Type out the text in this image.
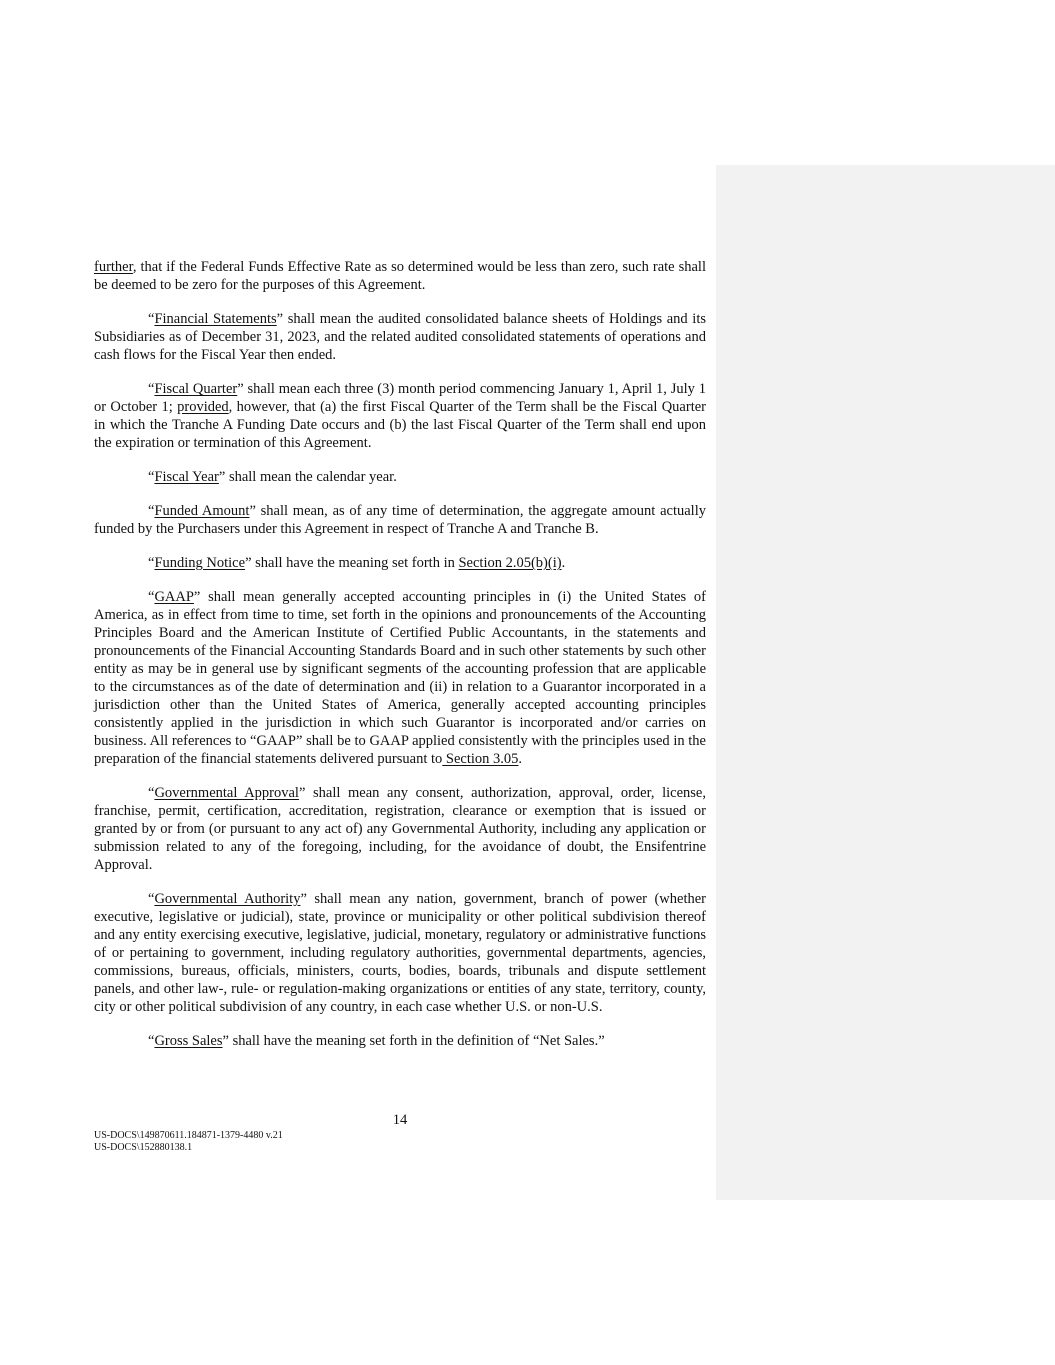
further, that if the Federal Funds Effective Rate as so determined would be less than zero, such rate shall be deemed to be zero for the purposes of this Agreement.

“Financial Statements” shall mean the audited consolidated balance sheets of Holdings and its Subsidiaries as of December 31, 2023, and the related audited consolidated statements of operations and cash flows for the Fiscal Year then ended.

“Fiscal Quarter” shall mean each three (3) month period commencing January 1, April 1, July 1 or October 1; provided, however, that (a) the first Fiscal Quarter of the Term shall be the Fiscal Quarter in which the Tranche A Funding Date occurs and (b) the last Fiscal Quarter of the Term shall end upon the expiration or termination of this Agreement.

“Fiscal Year” shall mean the calendar year.

“Funded Amount” shall mean, as of any time of determination, the aggregate amount actually funded by the Purchasers under this Agreement in respect of Tranche A and Tranche B.

“Funding Notice” shall have the meaning set forth in Section 2.05(b)(i).

“GAAP” shall mean generally accepted accounting principles in (i) the United States of America, as in effect from time to time, set forth in the opinions and pronouncements of the Accounting Principles Board and the American Institute of Certified Public Accountants, in the statements and pronouncements of the Financial Accounting Standards Board and in such other statements by such other entity as may be in general use by significant segments of the accounting profession that are applicable to the circumstances as of the date of determination and (ii) in relation to a Guarantor incorporated in a jurisdiction other than the United States of America, generally accepted accounting principles consistently applied in the jurisdiction in which such Guarantor is incorporated and/or carries on business. All references to “GAAP” shall be to GAAP applied consistently with the principles used in the preparation of the financial statements delivered pursuant to Section 3.05.

“Governmental Approval” shall mean any consent, authorization, approval, order, license, franchise, permit, certification, accreditation, registration, clearance or exemption that is issued or granted by or from (or pursuant to any act of) any Governmental Authority, including any application or submission related to any of the foregoing, including, for the avoidance of doubt, the Ensifentrine Approval.

“Governmental Authority” shall mean any nation, government, branch of power (whether executive, legislative or judicial), state, province or municipality or other political subdivision thereof and any entity exercising executive, legislative, judicial, monetary, regulatory or administrative functions of or pertaining to government, including regulatory authorities, governmental departments, agencies, commissions, bureaus, officials, ministers, courts, bodies, boards, tribunals and dispute settlement panels, and other law-, rule- or regulation-making organizations or entities of any state, territory, county, city or other political subdivision of any country, in each case whether U.S. or non-U.S.

“Gross Sales” shall have the meaning set forth in the definition of “Net Sales.”

14
US-DOCS\149870611.184871-1379-4480 v.21
US-DOCS\152880138.1
